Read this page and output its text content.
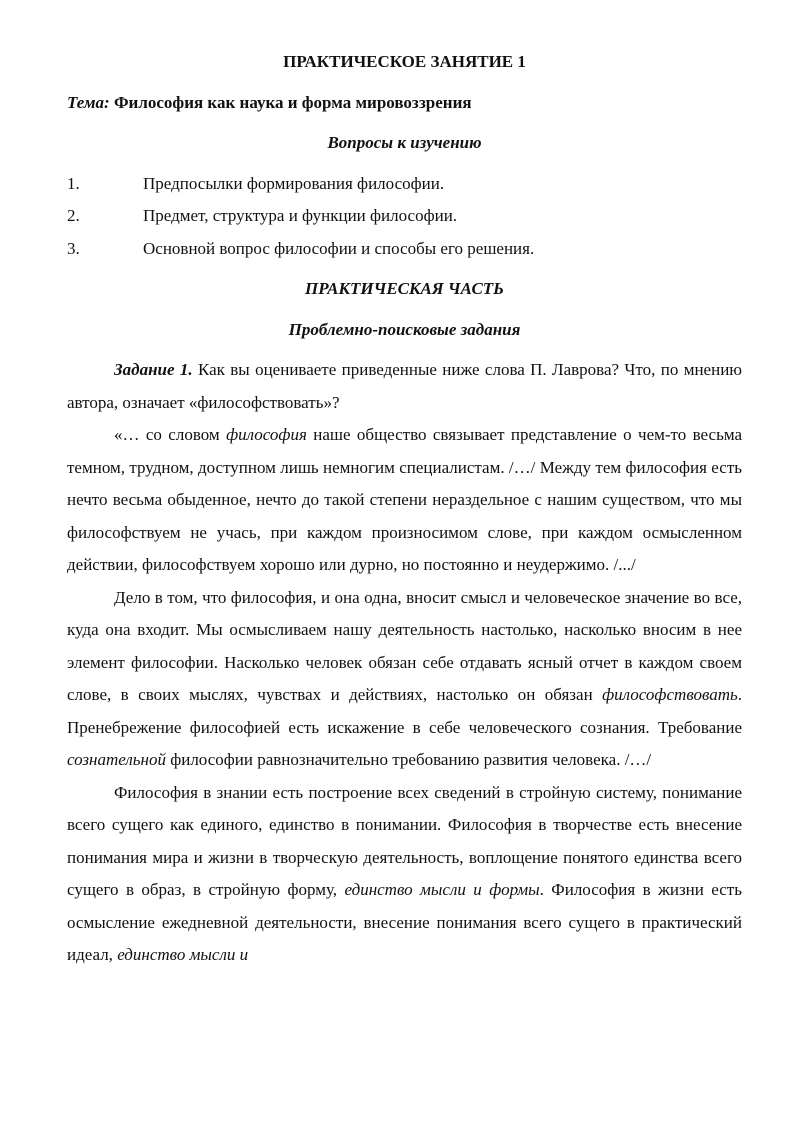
ПРАКТИЧЕСКОЕ ЗАНЯТИЕ 1

Тема: Философия как наука и форма мировоззрения

Вопросы к изучению

1.	Предпосылки формирования философии.
2.	Предмет, структура и функции философии.
3.	Основной вопрос философии и способы его решения.

ПРАКТИЧЕСКАЯ ЧАСТЬ

Проблемно-поисковые задания

Задание 1. Как вы оцениваете приведенные ниже слова П. Лаврова? Что, по мнению автора, означает «философствовать»?

«… со словом философия наше общество связывает представление о чем-то весьма темном, трудном, доступном лишь немногим специалистам. /…/ Между тем философия есть нечто весьма обыденное, нечто до такой степени нераздельное с нашим существом, что мы философствуем не учась, при каждом произносимом слове, при каждом осмысленном действии, философствуем хорошо или дурно, но постоянно и неудержимо. /.../

Дело в том, что философия, и она одна, вносит смысл и человеческое значение во все, куда она входит. Мы осмысливаем нашу деятельность настолько, насколько вносим в нее элемент философии. Насколько человек обязан себе отдавать ясный отчет в каждом своем слове, в своих мыслях, чувствах и действиях, настолько он обязан философствовать. Пренебрежение философией есть искажение в себе человеческого сознания. Требование сознательной философии равнозначительно требованию развития человека. /…/

Философия в знании есть построение всех сведений в стройную систему, понимание всего сущего как единого, единство в понимании. Философия в творчестве есть внесение понимания мира и жизни в творческую деятельность, воплощение понятого единства всего сущего в образ, в стройную форму, единство мысли и формы. Философия в жизни есть осмысление ежедневной деятельности, внесение понимания всего сущего в практический идеал, единство мысли и
